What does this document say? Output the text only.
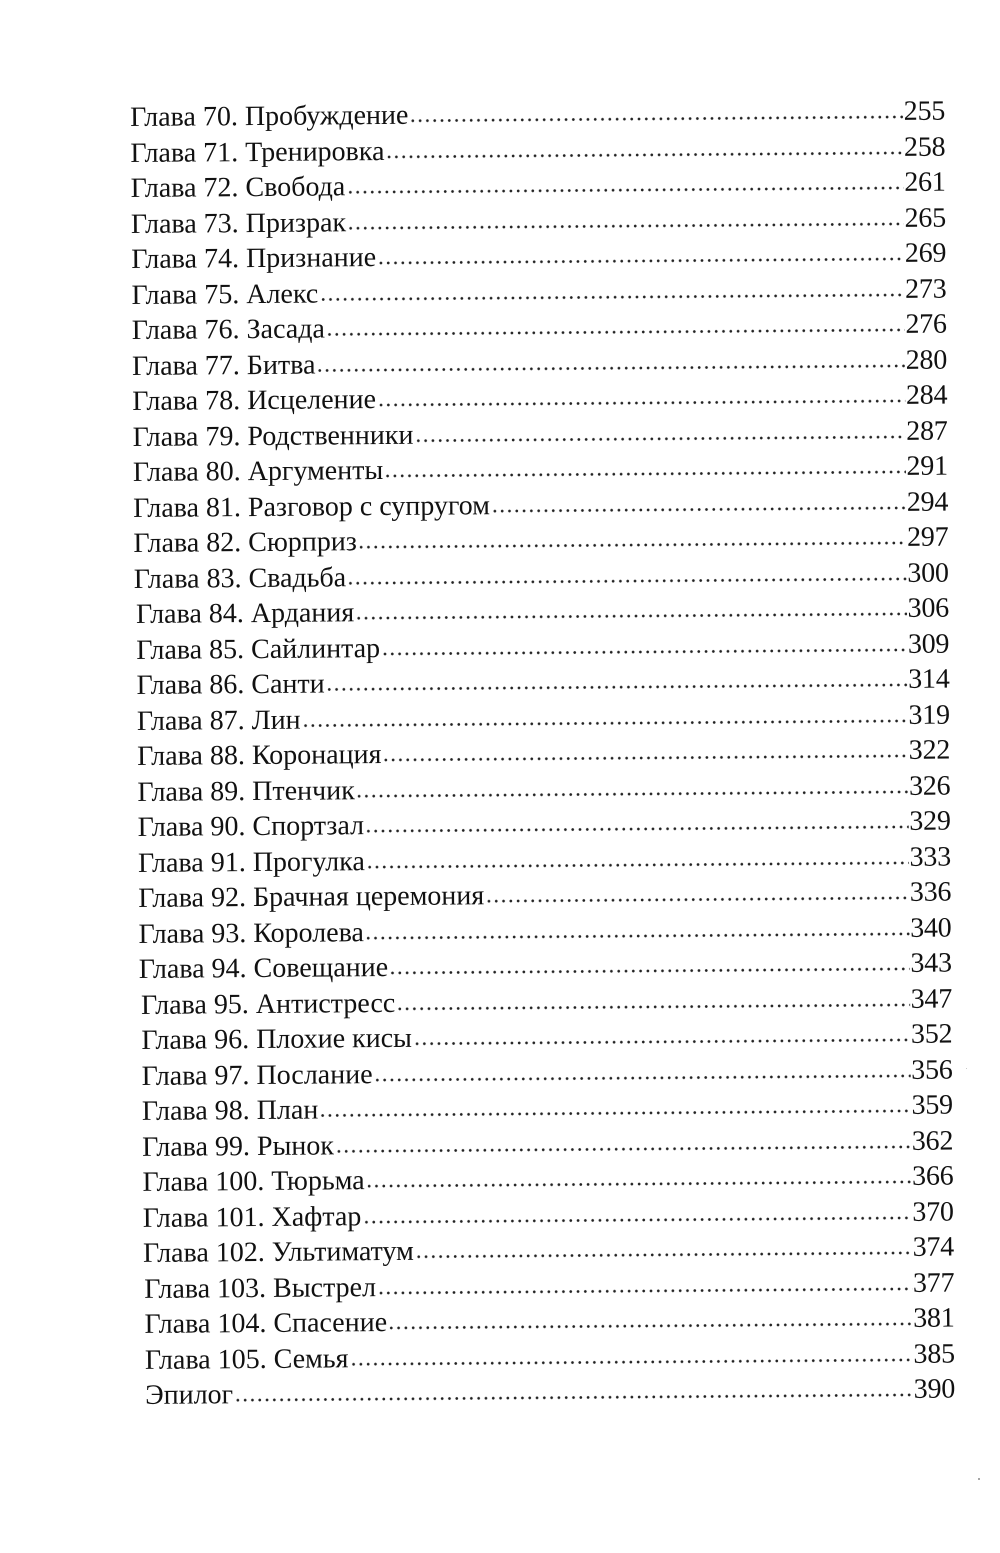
Глава 70. Пробуждение	255
Глава 71. Тренировка	258
Глава 72. Свобода	261
Глава 73. Призрак	265
Глава 74. Признание	269
Глава 75. Алекс	273
Глава 76. Засада	276
Глава 77. Битва	280
Глава 78. Исцеление	284
Глава 79. Родственники	287
Глава 80. Аргументы	291
Глава 81. Разговор с супругом	294
Глава 82. Сюрприз	297
Глава 83. Свадьба	300
Глава 84. Ардания	306
Глава 85. Сайлинтар	309
Глава 86. Санти	314
Глава 87. Лин	319
Глава 88. Коронация	322
Глава 89. Птенчик	326
Глава 90. Спортзал	329
Глава 91. Прогулка	333
Глава 92. Брачная церемония	336
Глава 93. Королева	340
Глава 94. Совещание	343
Глава 95. Антистресс	347
Глава 96. Плохие кисы	352
Глава 97. Послание	356
Глава 98. План	359
Глава 99. Рынок	362
Глава 100. Тюрьма	366
Глава 101. Хафтар	370
Глава 102. Ультиматум	374
Глава 103. Выстрел	377
Глава 104. Спасение	381
Глава 105. Семья	385
Эпилог	390
